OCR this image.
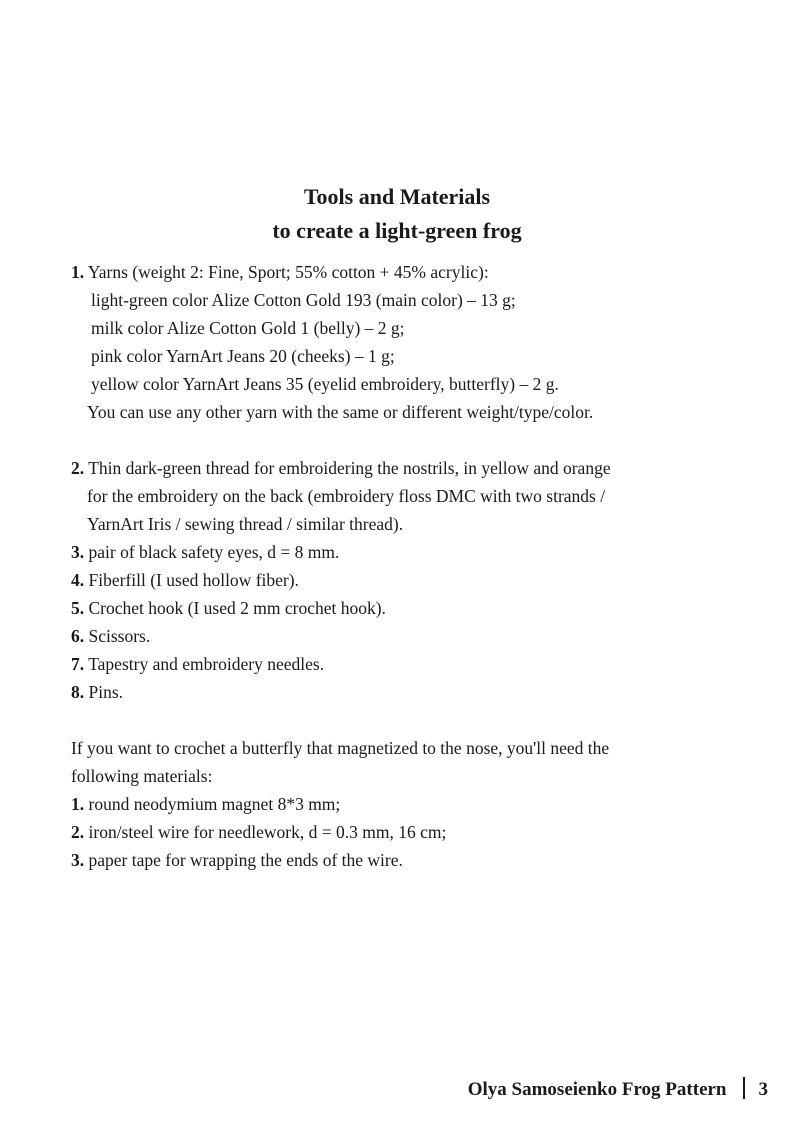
Tools and Materials
to create a light-green frog
1. Yarns (weight 2: Fine, Sport; 55% cotton + 45% acrylic):
light-green color Alize Cotton Gold 193 (main color) – 13 g;
milk color Alize Cotton Gold 1 (belly) – 2 g;
pink color YarnArt Jeans 20 (cheeks) – 1 g;
yellow color YarnArt Jeans 35 (eyelid embroidery, butterfly) – 2 g.
You can use any other yarn with the same or different weight/type/color.
2. Thin dark-green thread for embroidering the nostrils, in yellow and orange
for the embroidery on the back (embroidery floss DMC with two strands /
YarnArt Iris / sewing thread / similar thread).
3. pair of black safety eyes, d = 8 mm.
4. Fiberfill (I used hollow fiber).
5. Crochet hook (I used 2 mm crochet hook).
6. Scissors.
7. Tapestry and embroidery needles.
8. Pins.
If you want to crochet a butterfly that magnetized to the nose, you'll need the
following materials:
1. round neodymium magnet 8*3 mm;
2. iron/steel wire for needlework, d = 0.3 mm, 16 cm;
3. paper tape for wrapping the ends of the wire.
Olya Samoseienko Frog Pattern 3
